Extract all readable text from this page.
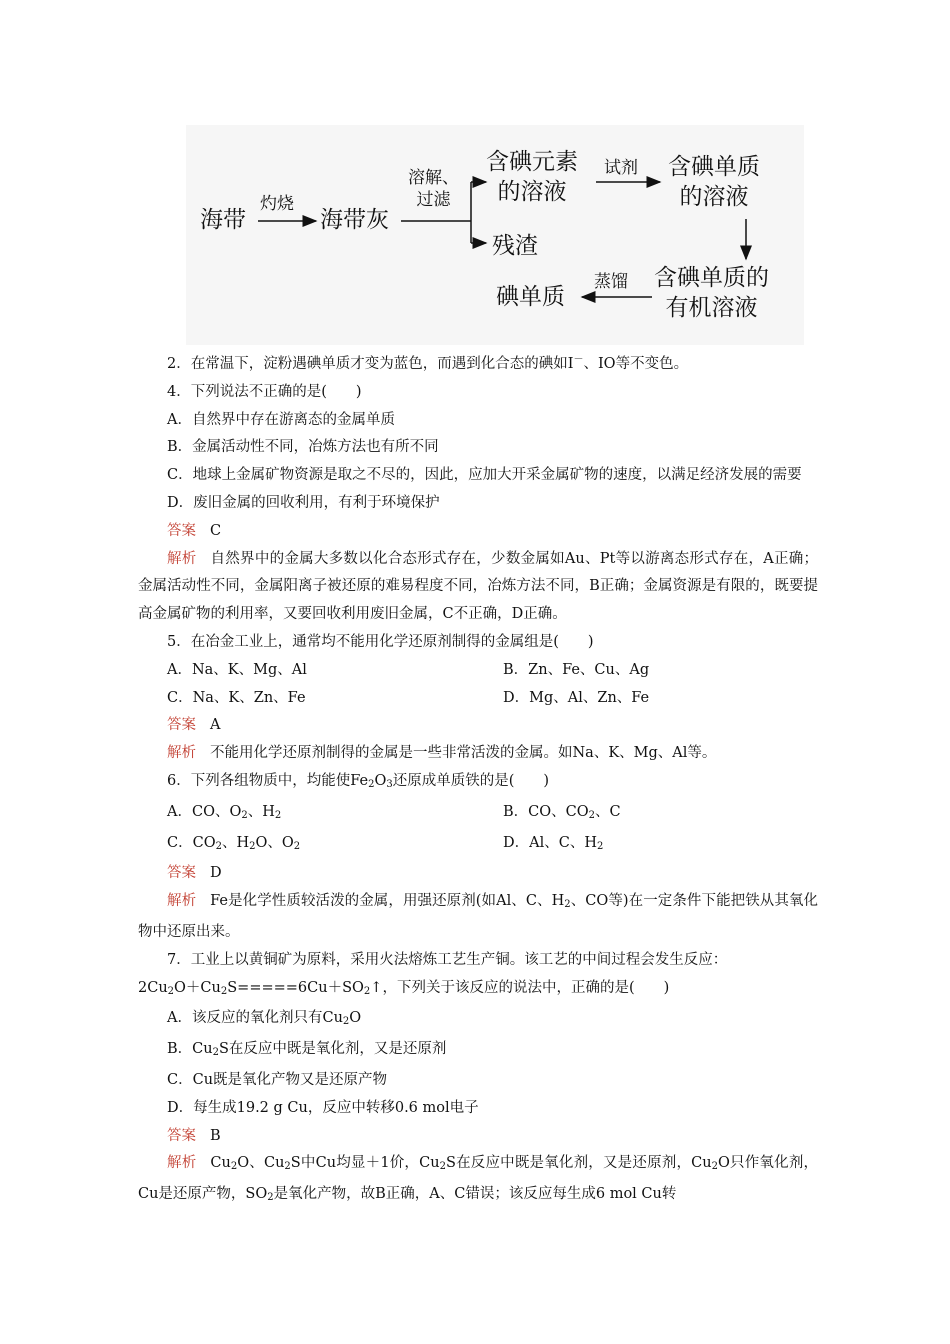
海带
灼烧
海带灰
溶解、
过滤
含碘元素
的溶液
残渣
试剂 含碘单质
的溶液
含碘单质的
有机溶液
蒸馏
碘单质

2．在常温下，淀粉遇碘单质才变为蓝色，而遇到化合态的碘如I－、IO等不变色。

4．下列说法不正确的是(　　)

A．自然界中存在游离态的金属单质

B．金属活动性不同，冶炼方法也有所不同

C．地球上金属矿物资源是取之不尽的，因此，应加大开采金属矿物的速度，以满足经济发展的需要

D．废旧金属的回收利用，有利于环境保护

答案 C

解析 自然界中的金属大多数以化合态形式存在，少数金属如Au、Pt等以游离态形式存在，A正确；金属活动性不同，金属阳离子被还原的难易程度不同，冶炼方法不同，B正确；金属资源是有限的，既要提高金属矿物的利用率，又要回收利用废旧金属，C不正确，D正确。

5．在冶金工业上，通常均不能用化学还原剂制得的金属组是(　　)

A．Na、K、Mg、Al	B．Zn、Fe、Cu、Ag
C．Na、K、Zn、Fe	D．Mg、Al、Zn、Fe

答案 A

解析 不能用化学还原剂制得的金属是一些非常活泼的金属。如Na、K、Mg、Al等。

6．下列各组物质中，均能使$Fe_2O_3$还原成单质铁的是(　　)

A．CO、$O_2$、$H_2$	B．CO、$CO_2$、C
C．$CO_2$、$H_2O$、$O_2$	D．Al、C、$H_2$

答案 D

解析 Fe是化学性质较活泼的金属，用强还原剂(如Al、C、$H_2$、CO等)在一定条件下能把铁从其氧化物中还原出来。

7．工业上以黄铜矿为原料，采用火法熔炼工艺生产铜。该工艺的中间过程会发生反应：

$2Cu_2O+Cu_2S=====6Cu+SO_2↑$，下列关于该反应的说法中，正确的是(　　)

A．该反应的氧化剂只有$Cu_2O$

B．$Cu_2S$在反应中既是氧化剂，又是还原剂

C．Cu既是氧化产物又是还原产物

D．每生成19.2 g Cu，反应中转移0.6 mol电子

答案 B

解析 $Cu_2O$、$Cu_2S$中Cu均显＋1价，$Cu_2S$在反应中既是氧化剂，又是还原剂，$Cu_2O$只作氧化剂，Cu是还原产物，$SO_2$是氧化产物，故B正确，A、C错误；该反应每生成6 mol Cu转
